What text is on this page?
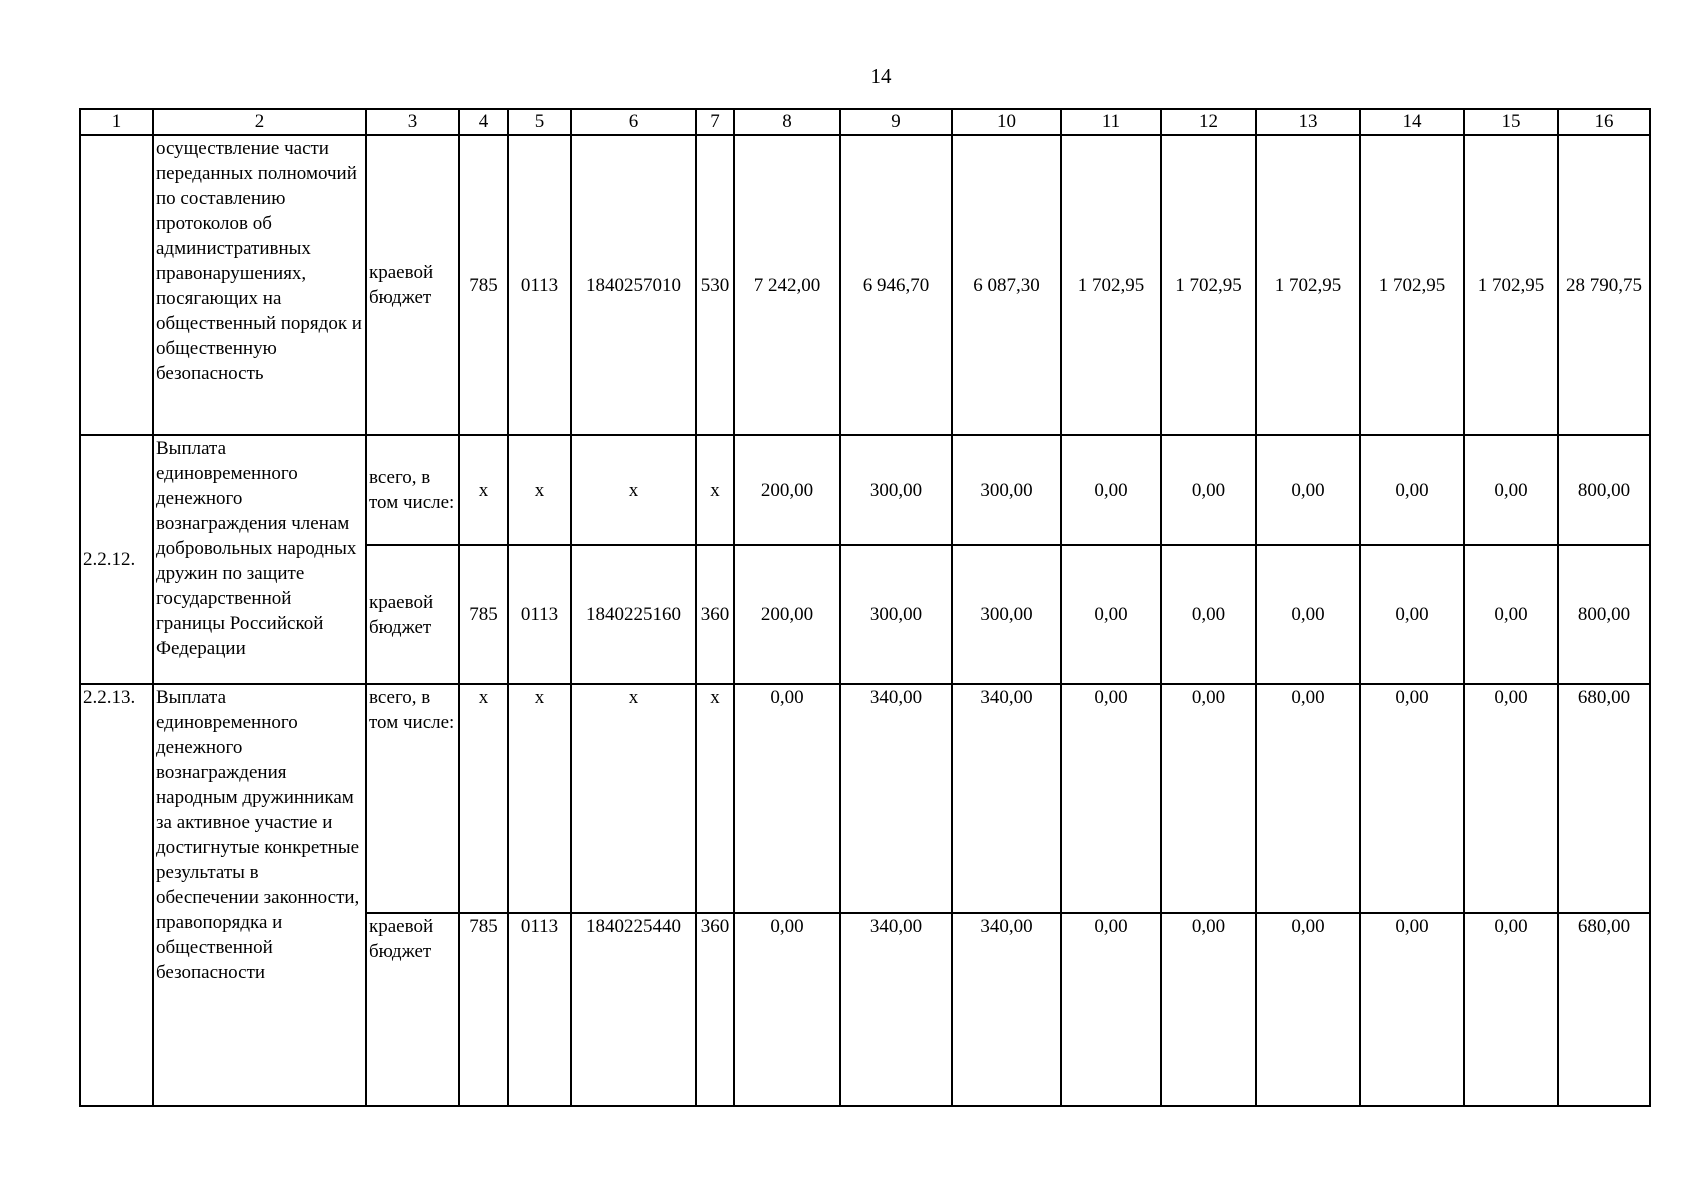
14
1	2	3	4	5	6	7	8	9	10	11	12	13	14	15	16
	осуществление части переданных полномочий по составлению протоколов об административных правонарушениях, посягающих на общественный порядок и общественную безопасность	краевой бюджет	785	0113	1840257010	530	7 242,00	6 946,70	6 087,30	1 702,95	1 702,95	1 702,95	1 702,95	1 702,95	28 790,75
2.2.12.	Выплата единовременного денежного вознаграждения членам добровольных народных дружин по защите государственной границы Российской Федерации	всего, в том числе:	x	x	x	x	200,00	300,00	300,00	0,00	0,00	0,00	0,00	0,00	800,00
		краевой бюджет	785	0113	1840225160	360	200,00	300,00	300,00	0,00	0,00	0,00	0,00	0,00	800,00
2.2.13.	Выплата единовременного денежного вознаграждения народным дружинникам за активное участие и достигнутые конкретные результаты в обеспечении законности, правопорядка и общественной безопасности	всего, в том числе:	x	x	x	x	0,00	340,00	340,00	0,00	0,00	0,00	0,00	0,00	680,00
		краевой бюджет	785	0113	1840225440	360	0,00	340,00	340,00	0,00	0,00	0,00	0,00	0,00	680,00
